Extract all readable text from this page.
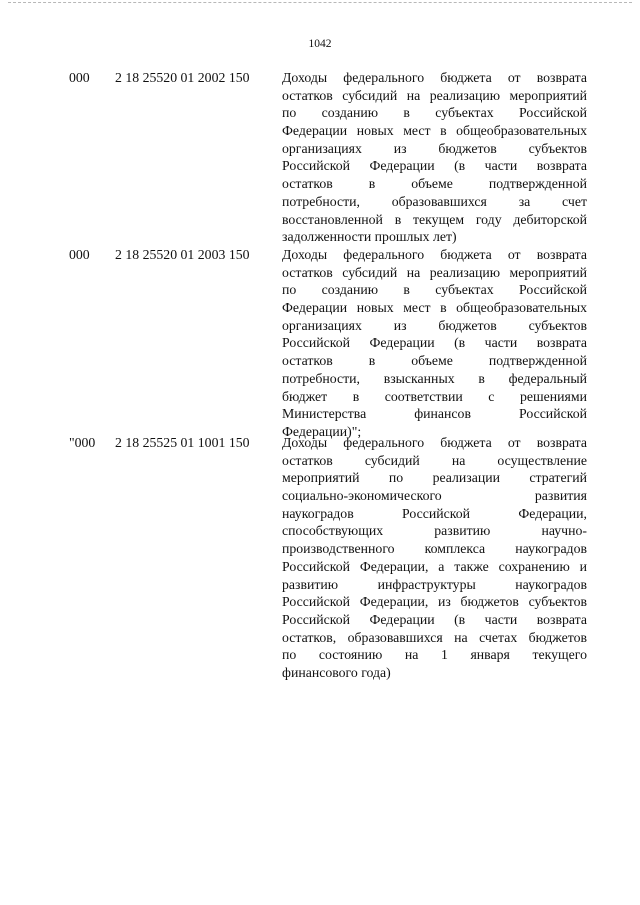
1042
000 2 18 25520 01 2002 150 Доходы федерального бюджета от возврата
остатков субсидий на реализацию мероприятий
по созданию в субъектах Российской
Федерации новых мест в общеобразовательных
организациях из бюджетов субъектов
Российской Федерации (в части возврата
остатков в объеме подтвержденной
потребности, образовавшихся за счет
восстановленной в текущем году дебиторской
задолженности прошлых лет)
000 2 18 25520 01 2003 150 Доходы федерального бюджета от возврата
остатков субсидий на реализацию мероприятий
по созданию в субъектах Российской
Федерации новых мест в общеобразовательных
организациях из бюджетов субъектов
Российской Федерации (в части возврата
остатков в объеме подтвержденной
потребности, взысканных в федеральный
бюджет в соответствии с решениями
Министерства финансов Российской
Федерации)";
"000 2 18 25525 01 1001 150 Доходы федерального бюджета от возврата
остатков субсидий на осуществление
мероприятий по реализации стратегий
социально-экономического развития
наукоградов Российской Федерации,
способствующих развитию научно-
производственного комплекса наукоградов
Российской Федерации, а также сохранению и
развитию инфраструктуры наукоградов
Российской Федерации, из бюджетов субъектов
Российской Федерации (в части возврата
остатков, образовавшихся на счетах бюджетов
по состоянию на 1 января текущего
финансового года)
